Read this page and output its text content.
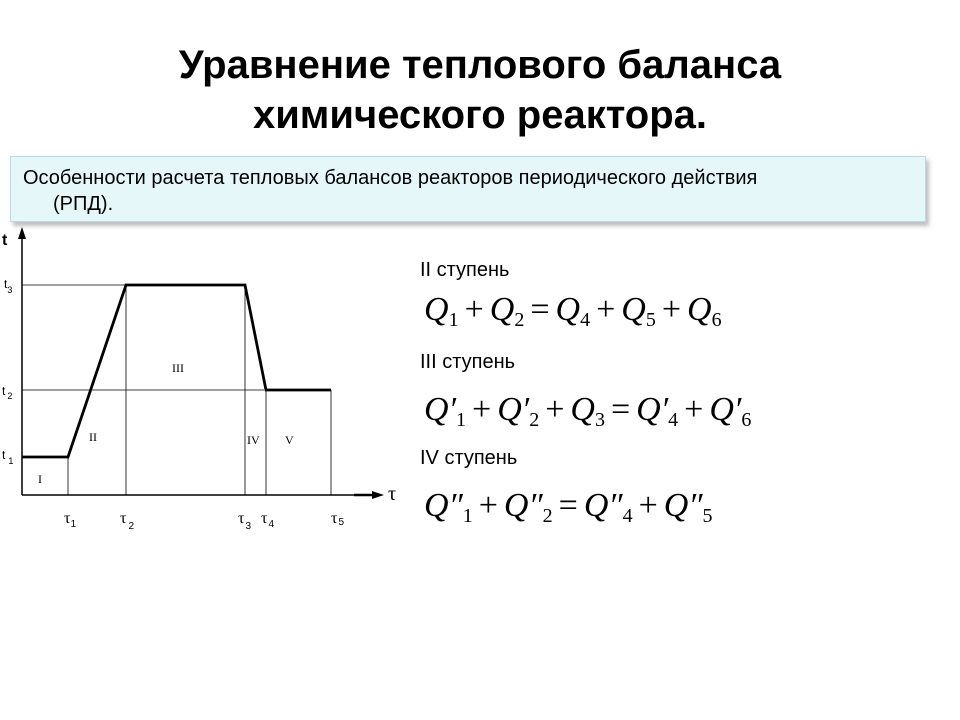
Уравнение теплового баланса
химического реактора.
Особенности расчета тепловых балансов реакторов периодического действия
(РПД).
t
τ
$t_3$
t $_2$
t $_1$
$\tau_1$	τ $_2$	$\tau_3$ $\tau_4$	τ5
I
II
III
IV V
II ступень
III ступень
IV ступень
$Q_1 + Q_2 = Q_4 + Q_5 + Q_6$
$Q'_1 + Q'_2 + Q_3 = Q'_4 + Q'_6$
$Q''_1 + Q''_2 = Q''_4 + Q''_5$
